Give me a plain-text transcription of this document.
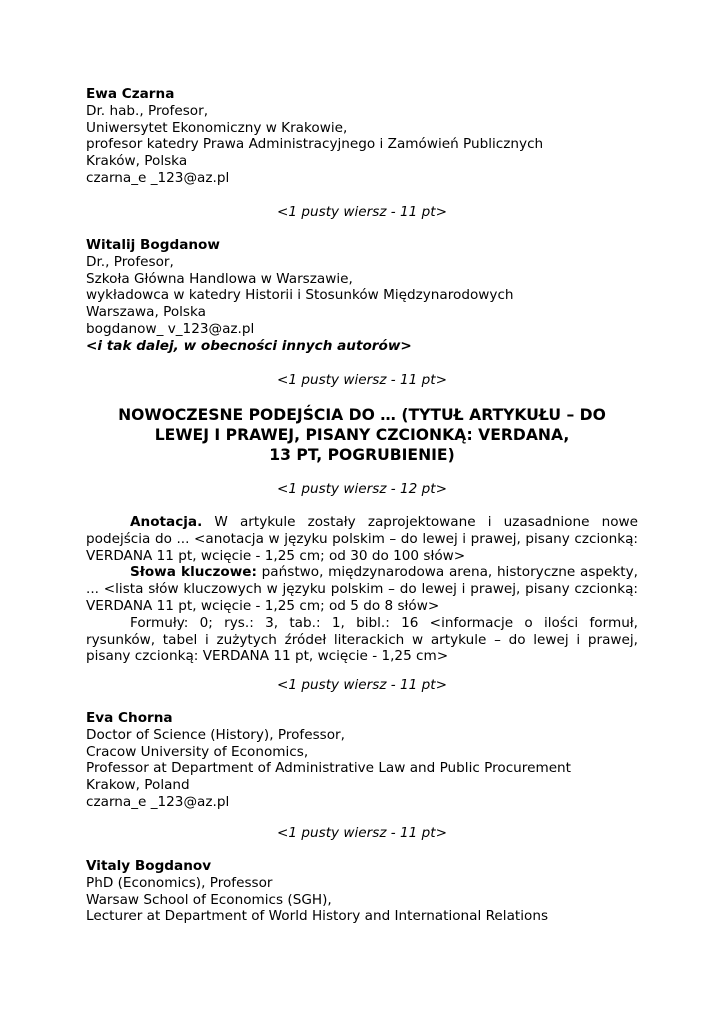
Ewa Czarna
Dr. hab., Profesor,
Uniwersytet Ekonomiczny w Krakowie,
profesor katedry Prawa Administracyjnego i Zamówień Publicznych
Kraków, Polska
czarna_e _123@az.pl
<1 pusty wiersz - 11 pt>
Witalij Bogdanow
Dr., Profesor,
Szkoła Główna Handlowa w Warszawie,
wykładowca w katedry Historii i Stosunków Międzynarodowych
Warszawa, Polska
bogdanow_ v_123@az.pl
<i tak dalej, w obecności innych autorów>
<1 pusty wiersz - 11 pt>
NOWOCZESNE PODEJŚCIA DO … (TYTUŁ ARTYKUŁU – DO
LEWEJ I PRAWEJ, PISANY CZCIONKĄ: VERDANA,
13 PT, POGRUBIENIE)
<1 pusty wiersz - 12 pt>
Anotacja. W artykule zostały zaprojektowane i uzasadnione nowe
podejścia do ... <anotacja w języku polskim – do lewej i prawej, pisany czcionką:
VERDANA 11 pt, wcięcie - 1,25 cm; od 30 do 100 słów>
Słowa kluczowe: państwo, międzynarodowa arena, historyczne aspekty,
... <lista słów kluczowych w języku polskim – do lewej i prawej, pisany czcionką:
VERDANA 11 pt, wcięcie - 1,25 cm; od 5 do 8 słów>
Formuły: 0; rys.: 3, tab.: 1, bibl.: 16 <informacje o ilości formuł,
rysunków, tabel i zużytych źródeł literackich w artykule – do lewej i prawej,
pisany czcionką: VERDANA 11 pt, wcięcie - 1,25 cm>
<1 pusty wiersz - 11 pt>
Eva Chorna
Doctor of Science (History), Professor,
Cracow University of Economics,
Professor at Department of Administrative Law and Public Procurement
Krakow, Poland
czarna_e _123@az.pl
<1 pusty wiersz - 11 pt>
Vitaly Bogdanov
PhD (Economics), Professor
Warsaw School of Economics (SGH),
Lecturer at Department of World History and International Relations
